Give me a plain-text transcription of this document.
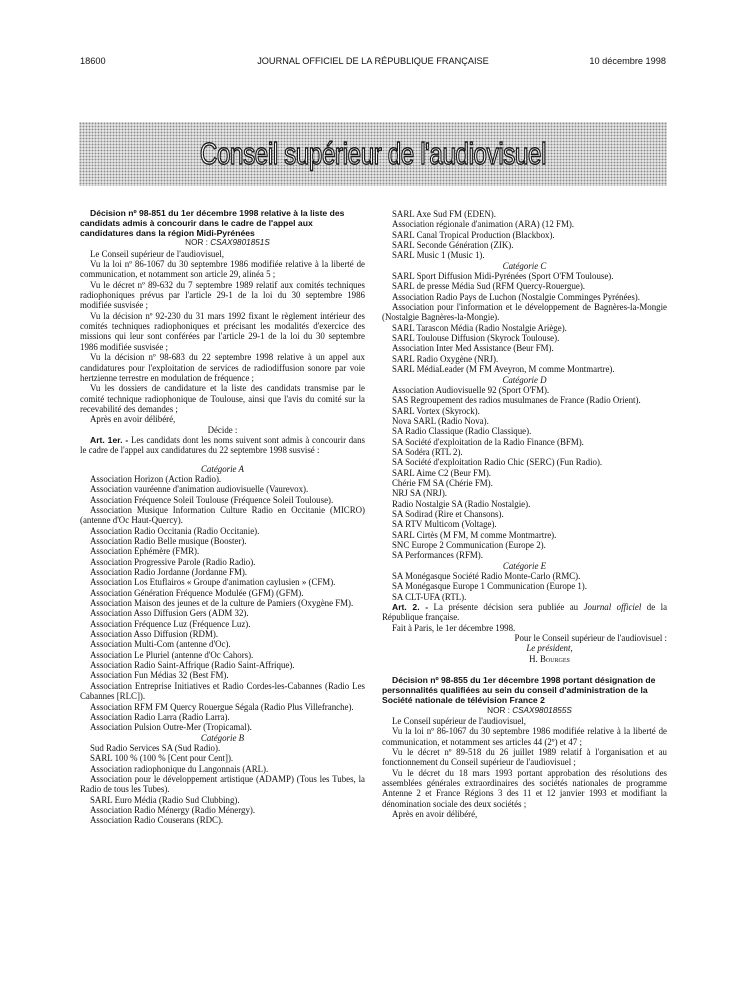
18600	JOURNAL OFFICIEL DE LA RÉPUBLIQUE FRANÇAISE	10 décembre 1998
Conseil supérieur de l'audiovisuel

Décision nº 98-851 du 1er décembre 1998 relative à la liste des candidats admis à concourir dans le cadre de l'appel aux candidatures dans la région Midi-Pyrénées

NOR : CSAX9801851S

Le Conseil supérieur de l'audiovisuel,

Vu la loi nº 86-1067 du 30 septembre 1986 modifiée relative à la liberté de communication, et notamment son article 29, alinéa 5 ;

Vu le décret nº 89-632 du 7 septembre 1989 relatif aux comités techniques radiophoniques prévus par l'article 29-1 de la loi du 30 septembre 1986 modifiée susvisée ;

Vu la décision nº 92-230 du 31 mars 1992 fixant le règlement intérieur des comités techniques radiophoniques et précisant les modalités d'exercice des missions qui leur sont conférées par l'article 29-1 de la loi du 30 septembre 1986 modifiée susvisée ;

Vu la décision nº 98-683 du 22 septembre 1998 relative à un appel aux candidatures pour l'exploitation de services de radiodiffusion sonore par voie hertzienne terrestre en modulation de fréquence ;

Vu les dossiers de candidature et la liste des candidats transmise par le comité technique radiophonique de Toulouse, ainsi que l'avis du comité sur la recevabilité des demandes ;

Après en avoir délibéré,

Décide :

Art. 1er. - Les candidats dont les noms suivent sont admis à concourir dans le cadre de l'appel aux candidatures du 22 septembre 1998 susvisé :

Catégorie A

Association Horizon (Action Radio).

Association vauréenne d'animation audiovisuelle (Vaurevox).

Association Fréquence Soleil Toulouse (Fréquence Soleil Toulouse).

Association Musique Information Culture Radio en Occitanie (MICRO) (antenne d'Oc Haut-Quercy).

Association Radio Occitania (Radio Occitanie).

Association Radio Belle musique (Booster).

Association Ephémère (FMR).

Association Progressive Parole (Radio Radio).

Association Radio Jordanne (Jordanne FM).

Association Los Etuflairos « Groupe d'animation caylusien » (CFM).

Association Génération Fréquence Modulée (GFM) (GFM).

Association Maison des jeunes et de la culture de Pamiers (Oxygène FM).

Association Asso Diffusion Gers (ADM 32).

Association Fréquence Luz (Fréquence Luz).

Association Asso Diffusion (RDM).

Association Multi-Com (antenne d'Oc).

Association Le Pluriel (antenne d'Oc Cahors).

Association Radio Saint-Affrique (Radio Saint-Affrique).

Association Fun Médias 32 (Best FM).

Association Entreprise Initiatives et Radio Cordes-les-Cabannes (Radio Les Cabannes [RLC]).

Association RFM FM Quercy Rouergue Ségala (Radio Plus Villefranche).

Association Radio Larra (Radio Larra).

Association Pulsion Outre-Mer (Tropicamal).

Catégorie B

Sud Radio Services SA (Sud Radio).

SARL 100 % (100 % [Cent pour Cent]).

Association radiophonique du Langonnais (ARL).

Association pour le développement artistique (ADAMP) (Tous les Tubes, la Radio de tous les Tubes).

SARL Euro Média (Radio Sud Clubbing).

Association Radio Ménergy (Radio Ménergy).

Association Radio Couserans (RDC).

SARL Axe Sud FM (EDEN).

Association régionale d'animation (ARA) (12 FM).

SARL Canal Tropical Production (Blackbox).

SARL Seconde Génération (ZIK).

SARL Music 1 (Music 1).

Catégorie C

SARL Sport Diffusion Midi-Pyrénées (Sport O'FM Toulouse).

SARL de presse Média Sud (RFM Quercy-Rouergue).

Association Radio Pays de Luchon (Nostalgie Comminges Pyrénées).

Association pour l'information et le développement de Bagnères-la-Mongie (Nostalgie Bagnères-la-Mongie).

SARL Tarascon Média (Radio Nostalgie Ariège).

SARL Toulouse Diffusion (Skyrock Toulouse).

Association Inter Med Assistance (Beur FM).

SARL Radio Oxygène (NRJ).

SARL MédiaLeader (M FM Aveyron, M comme Montmartre).

Catégorie D

Association Audiovisuelle 92 (Sport O'FM).

SAS Regroupement des radios musulmanes de France (Radio Orient).

SARL Vortex (Skyrock).

Nova SARL (Radio Nova).

SA Radio Classique (Radio Classique).

SA Société d'exploitation de la Radio Finance (BFM).

SA Sodéra (RTL 2).

SA Société d'exploitation Radio Chic (SERC) (Fun Radio).

SARL Aime C2 (Beur FM).

Chérie FM SA (Chérie FM).

NRJ SA (NRJ).

Radio Nostalgie SA (Radio Nostalgie).

SA Sodirad (Rire et Chansons).

SA RTV Multicom (Voltage).

SARL Cirtès (M FM, M comme Montmartre).

SNC Europe 2 Communication (Europe 2).

SA Performances (RFM).

Catégorie E

SA Monégasque Société Radio Monte-Carlo (RMC).

SA Monégasque Europe 1 Communication (Europe 1).

SA CLT-UFA (RTL).

Art. 2. - La présente décision sera publiée au Journal officiel de la République française.

Fait à Paris, le 1er décembre 1998.

Pour le Conseil supérieur de l'audiovisuel :

Le président,

H. Bourges

Décision nº 98-855 du 1er décembre 1998 portant désignation de personnalités qualifiées au sein du conseil d'administration de la Société nationale de télévision France 2

NOR : CSAX9801855S

Le Conseil supérieur de l'audiovisuel,

Vu la loi nº 86-1067 du 30 septembre 1986 modifiée relative à la liberté de communication, et notamment ses articles 44 (2º) et 47 ;

Vu le décret nº 89-518 du 26 juillet 1989 relatif à l'organisation et au fonctionnement du Conseil supérieur de l'audiovisuel ;

Vu le décret du 18 mars 1993 portant approbation des résolutions des assemblées générales extraordinaires des sociétés nationales de programme Antenne 2 et France Régions 3 des 11 et 12 janvier 1993 et modifiant la dénomination sociale des deux sociétés ;

Après en avoir délibéré,
